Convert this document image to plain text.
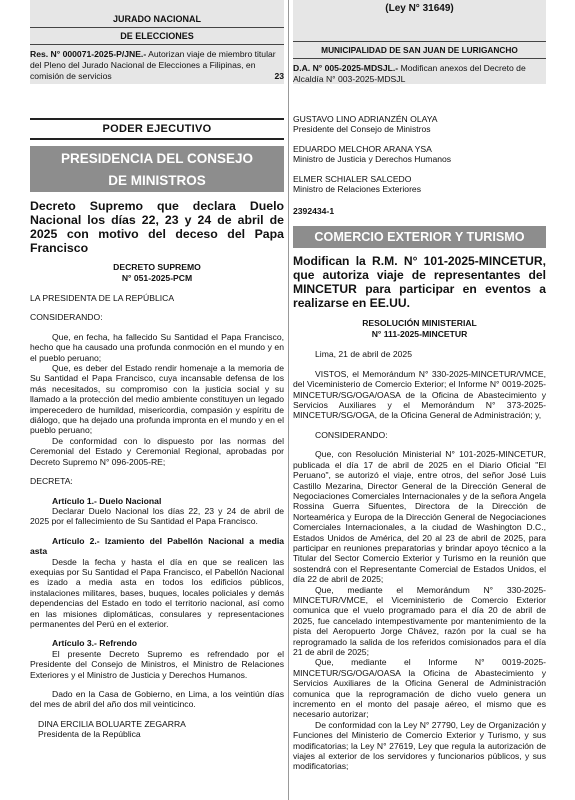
JURADO NACIONAL
DE ELECCIONES
Res. N° 000071-2025-P/JNE.- Autorizan viaje de miembro titular del Pleno del Jurado Nacional de Elecciones a Filipinas, en comisión de servicios	23
PODER EJECUTIVO
PRESIDENCIA DEL CONSEJO
DE MINISTROS
Decreto Supremo que declara Duelo Nacional los días 22, 23 y 24 de abril de 2025 con motivo del deceso del Papa Francisco
DECRETO SUPREMO
N° 051-2025-PCM

LA PRESIDENTA DE LA REPÚBLICA

CONSIDERANDO:

Que, en fecha, ha fallecido Su Santidad el Papa Francisco, hecho que ha causado una profunda conmoción en el mundo y en el pueblo peruano;

Que, es deber del Estado rendir homenaje a la memoria de Su Santidad el Papa Francisco, cuya incansable defensa de los más necesitados, su compromiso con la justicia social y su llamado a la protección del medio ambiente constituyen un legado imperecedero de humildad, misericordia, compasión y espíritu de diálogo, que ha dejado una profunda impronta en el mundo y en el pueblo peruano;

De conformidad con lo dispuesto por las normas del Ceremonial del Estado y Ceremonial Regional, aprobadas por Decreto Supremo N° 096-2005-RE;

DECRETA:

Artículo 1.- Duelo Nacional

Declarar Duelo Nacional los días 22, 23 y 24 de abril de 2025 por el fallecimiento de Su Santidad el Papa Francisco.

Artículo 2.- Izamiento del Pabellón Nacional a media asta

Desde la fecha y hasta el día en que se realicen las exequias por Su Santidad el Papa Francisco, el Pabellón Nacional es izado a media asta en todos los edificios públicos, instalaciones militares, bases, buques, locales policiales y demás dependencias del Estado en todo el territorio nacional, así como en las misiones diplomáticas, consulares y representaciones permanentes del Perú en el exterior.

Artículo 3.- Refrendo

El presente Decreto Supremo es refrendado por el Presidente del Consejo de Ministros, el Ministro de Relaciones Exteriores y el Ministro de Justicia y Derechos Humanos.

Dado en la Casa de Gobierno, en Lima, a los veintiún días del mes de abril del año dos mil veinticinco.

DINA ERCILIA BOLUARTE ZEGARRA
Presidenta de la República
(Ley N° 31649)
MUNICIPALIDAD DE SAN JUAN DE LURIGANCHO
D.A. N° 005-2025-MDSJL.- Modifican anexos del Decreto de Alcaldía N° 003-2025-MDSJL
GUSTAVO LINO ADRIANZÉN OLAYA
Presidente del Consejo de Ministros
EDUARDO MELCHOR ARANA YSA
Ministro de Justicia y Derechos Humanos
ELMER SCHIALER SALCEDO
Ministro de Relaciones Exteriores
2392434-1
COMERCIO EXTERIOR Y TURISMO
Modifican la R.M. N° 101-2025-MINCETUR, que autoriza viaje de representantes del MINCETUR para participar en eventos a realizarse en EE.UU.
RESOLUCIÓN MINISTERIAL
N° 111-2025-MINCETUR

Lima, 21 de abril de 2025

VISTOS, el Memorándum N° 330-2025-MINCETUR/VMCE, del Viceministerio de Comercio Exterior; el Informe N° 0019-2025-MINCETUR/SG/OGA/OASA de la Oficina de Abastecimiento y Servicios Auxiliares y el Memorándum N° 373-2025-MINCETUR/SG/OGA, de la Oficina General de Administración; y,

CONSIDERANDO:

Que, con Resolución Ministerial N° 101-2025-MINCETUR, publicada el día 17 de abril de 2025 en el Diario Oficial "El Peruano", se autorizó el viaje, entre otros, del señor José Luis Castillo Mezarina, Director General de la Dirección General de Negociaciones Comerciales Internacionales y de la señora Angela Rossina Guerra Sifuentes, Directora de la Dirección de Norteamérica y Europa de la Dirección General de Negociaciones Comerciales Internacionales, a la ciudad de Washington D.C., Estados Unidos de América, del 20 al 23 de abril de 2025, para participar en reuniones preparatorias y brindar apoyo técnico a la Titular del Sector Comercio Exterior y Turismo en la reunión que sostendrá con el Representante Comercial de Estados Unidos, el día 22 de abril de 2025;

Que, mediante el Memorándum N° 330-2025-MINCETUR/VMCE, el Viceministerio de Comercio Exterior comunica que el vuelo programado para el día 20 de abril de 2025, fue cancelado intempestivamente por mantenimiento de la pista del Aeropuerto Jorge Chávez, razón por la cual se ha reprogramado la salida de los referidos comisionados para el día 21 de abril de 2025;

Que, mediante el Informe N° 0019-2025-MINCETUR/SG/OGA/OASA la Oficina de Abastecimiento y Servicios Auxiliares de la Oficina General de Administración comunica que la reprogramación de dicho vuelo genera un incremento en el monto del pasaje aéreo, el mismo que es necesario autorizar;

De conformidad con la Ley N° 27790, Ley de Organización y Funciones del Ministerio de Comercio Exterior y Turismo, y sus modificatorias; la Ley N° 27619, Ley que regula la autorización de viajes al exterior de los servidores y funcionarios públicos, y sus modificatorias;
